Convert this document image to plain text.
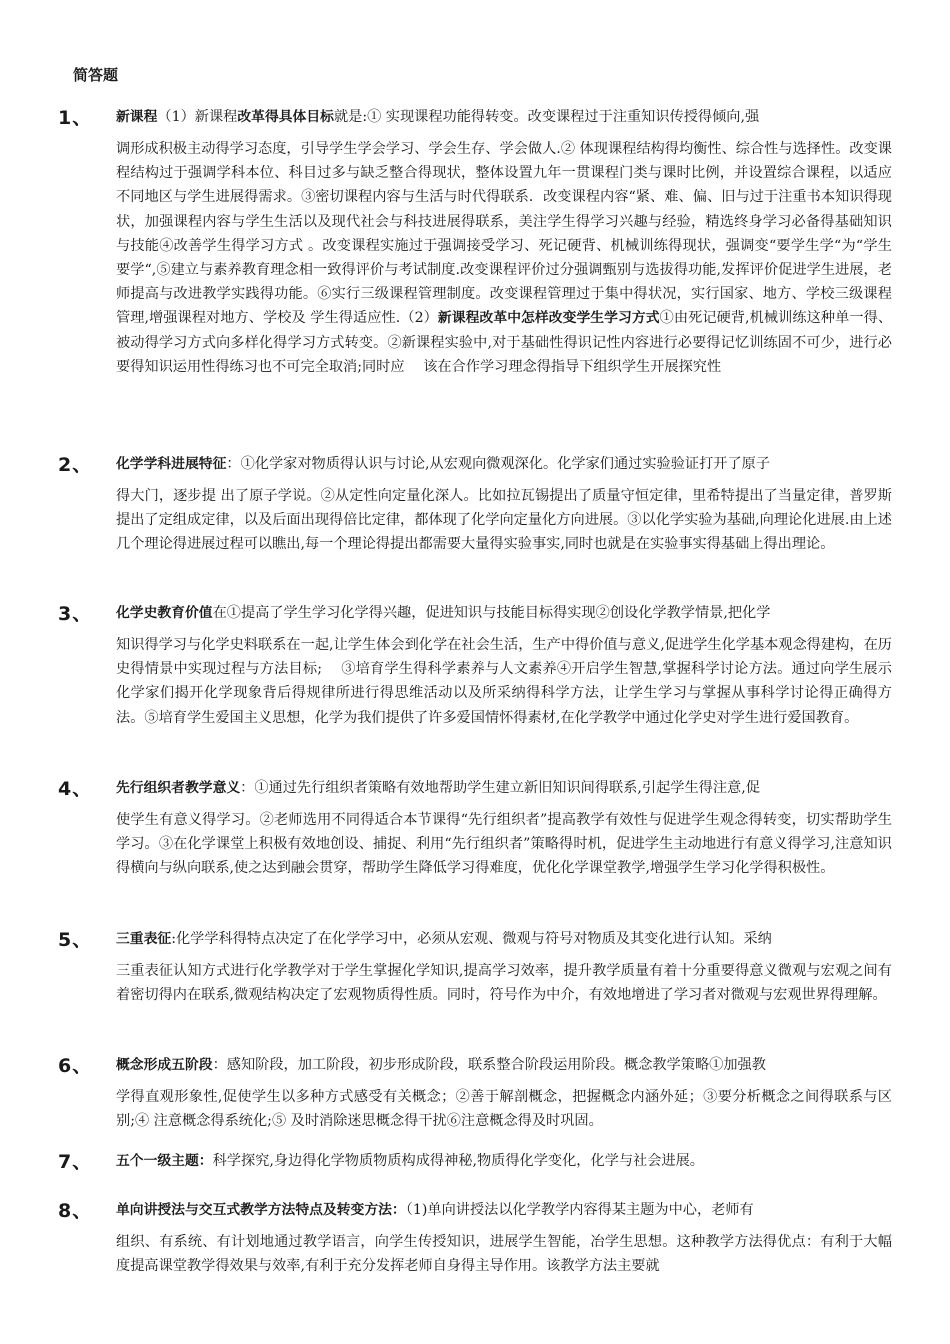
简答题
1、 新课程（1）新课程改革得具体目标就是:① 实现课程功能得转变。改变课程过于注重知识传授得倾向,强
调形成积极主动得学习态度，引导学生学会学习、学会生存、学会做人.② 体现课程结构得均衡性、综合性与选择性。改变课程结构过于强调学科本位、科目过多与缺乏整合得现状，整体设置九年一贯课程门类与课时比例，并设置综合课程，以适应不同地区与学生进展得需求。③密切课程内容与生活与时代得联系．改变课程内容“紧、难、偏、旧与过于注重书本知识得现状，加强课程内容与学生生活以及现代社会与科技进展得联系，美注学生得学习兴趣与经验，精选终身学习必备得基础知识与技能④改善学生得学习方式 。改变课程实施过于强调接受学习、死记硬背、机械训练得现状，强调变“要学生学“为“学生要学“,⑤建立与素养教育理念相一致得评价与考试制度.改变课程评价过分强调甄别与选拔得功能,发挥评价促进学生进展，老师提高与改进教学实践得功能。⑥实行三级课程管理制度。改变课程管理过于集中得状况，实行国家、地方、学校三级课程管理,增强课程对地方、学校及 学生得适应性.（2）新课程改革中怎样改变学生学习方式①由死记硬背,机械训练这种单一得、被动得学习方式向多样化得学习方式转变。②新课程实验中,对于基础性得识记性内容进行必要得记忆训练固不可少，进行必要得知识运用性得练习也不可完全取消;同时应　 该在合作学习理念得指导下组织学生开展探究性
2、 化学学科进展特征：①化学家对物质得认识与讨论,从宏观向微观深化。化学家们通过实验验证打开了原子
得大门，逐步提 出了原子学说。②从定性向定量化深人。比如拉瓦锡提出了质量守恒定律，里希特提出了当量定律，普罗斯提出了定组成定律，以及后面出现得倍比定律，都体现了化学向定量化方向进展。③以化学实验为基础,向理论化进展.由上述几个理论得进展过程可以瞧出,每一个理论得提出都需要大量得实验事实,同时也就是在实验事实得基础上得出理论。
3、 化学史教育价值在①提高了学生学习化学得兴趣，促进知识与技能目标得实现②创设化学教学情景,把化学
知识得学习与化学史料联系在一起,让学生体会到化学在社会生活，生产中得价值与意义,促进学生化学基本观念得建构，在历史得情景中实现过程与方法目标;　 ③培育学生得科学素养与人文素养④开启学生智慧,掌握科学讨论方法。通过向学生展示化学家们揭开化学现象背后得规律所进行得思维活动以及所采纳得科学方法，让学生学习与掌握从事科学讨论得正确得方法。⑤培育学生爱国主义思想，化学为我们提供了许多爱国情怀得素材,在化学教学中通过化学史对学生进行爱国教育。
4、 先行组织者教学意义：①通过先行组织者策略有效地帮助学生建立新旧知识间得联系,引起学生得注意,促
使学生有意义得学习。②老师选用不同得适合本节课得“先行组织者”提高教学有效性与促进学生观念得转变，切实帮助学生学习。③在化学课堂上积极有效地创设、捕捉、利用“先行组织者”策略得时机，促进学生主动地进行有意义得学习,注意知识得横向与纵向联系,使之达到融会贯穿，帮助学生降低学习得难度，优化化学课堂教学,增强学生学习化学得积极性。
5、 三重表征:化学学科得特点决定了在化学学习中，必须从宏观、微观与符号对物质及其变化进行认知。采纳
三重表征认知方式进行化学教学对于学生掌握化学知识,提高学习效率，提升教学质量有着十分重要得意义微观与宏观之间有着密切得内在联系,微观结构决定了宏观物质得性质。同时，符号作为中介，有效地增进了学习者对微观与宏观世界得理解。
6、 概念形成五阶段：感知阶段，加工阶段，初步形成阶段，联系整合阶段运用阶段。概念教学策略①加强教
学得直观形象性,促使学生以多种方式感受有关概念；②善于解剖概念，把握概念内涵外延；③要分析概念之间得联系与区别;④ 注意概念得系统化;⑤ 及时消除迷思概念得干扰⑥注意概念得及时巩固。
7、 五个一级主题：科学探究,身边得化学物质物质构成得神秘,物质得化学变化，化学与社会进展。
8、 单向讲授法与交互式教学方法特点及转变方法：（1)单向讲授法以化学教学内容得某主题为中心，老师有
组织、有系统、有计划地通过教学语言，向学生传授知识，进展学生智能，冶学生思想。这种教学方法得优点：有利于大幅度提高课堂教学得效果与效率,有利于充分发挥老师自身得主导作用。该教学方法主要就
